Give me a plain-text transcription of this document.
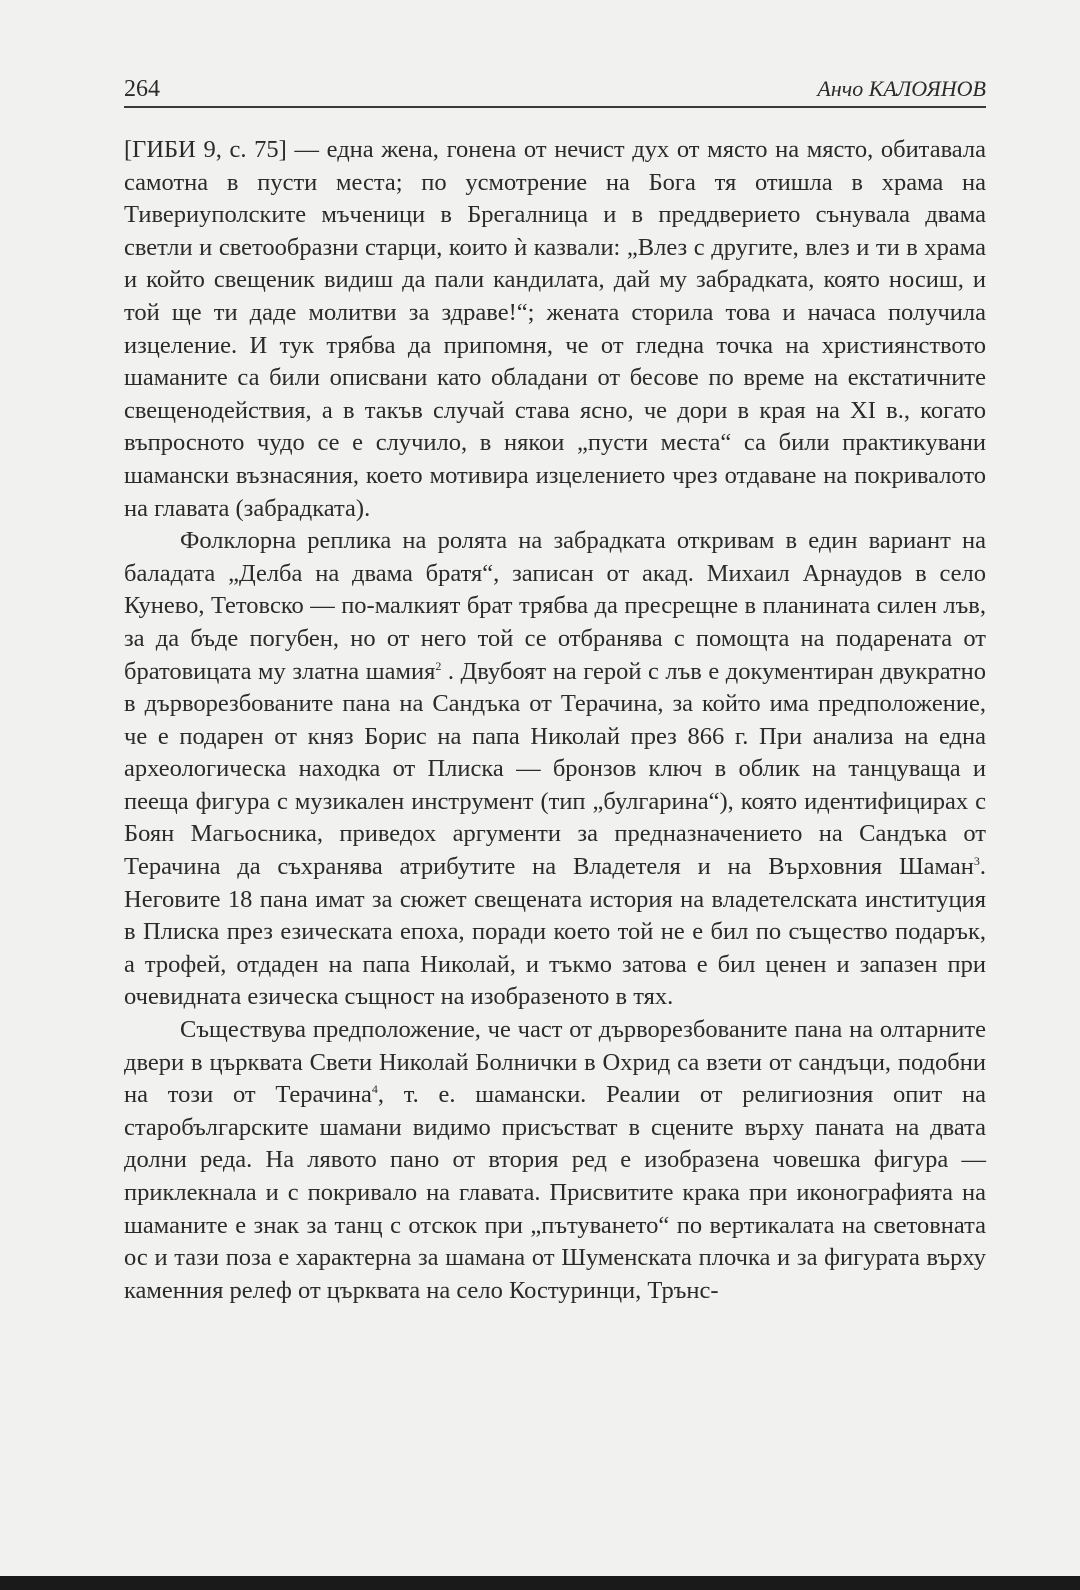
264	Анчо КАЛОЯНОВ

[ГИБИ 9, с. 75] — една жена, гонена от нечист дух от място на място, обитавала самотна в пусти места; по усмотрение на Бога тя отишла в храма на Тивериуполските мъченици в Брегалница и в преддверието сънувала двама светли и светообразни старци, които ѝ казвали: „Влез с другите, влез и ти в храма и който свещеник видиш да пали кандилата, дай му забрадката, която носиш, и той ще ти даде молитви за здраве!“; жената сторила това и начаса получила изцеление. И тук трябва да припомня, че от гледна точка на християнството шаманите са били описвани като обладани от бесове по време на екстатичните свещенодействия, а в такъв случай става ясно, че дори в края на XI в., когато въпросното чудо се е случило, в някои „пусти места“ са били практикувани шамански възнасяния, което мотивира изцелението чрез отдаване на покривалото на главата (забрадката).

Фолклорна реплика на ролята на забрадката откривам в един вариант на баладата „Делба на двама братя“, записан от акад. Михаил Арнаудов в село Кунево, Тетовско — по-малкият брат трябва да пресрещне в планината силен лъв, за да бъде погубен, но от него той се отбранява с помощта на подарената от братовицата му златна шамия$^2$ . Двубоят на герой с лъв е документиран двукратно в дърворезбованите пана на Сандъка от Терачина, за който има предположение, че е подарен от княз Борис на папа Николай през 866 г. При анализа на една археологическа находка от Плиска — бронзов ключ в облик на танцуваща и пееща фигура с музикален инструмент (тип „булгарина“), която идентифицирах с Боян Магьосника, приведох аргументи за предназначението на Сандъка от Терачина да съхранява атрибутите на Владетеля и на Върховния Шаман$^3$. Неговите 18 пана имат за сюжет свещената история на владетелската институция в Плиска през езическата епоха, поради което той не е бил по същество подарък, а трофей, отдаден на папа Николай, и тъкмо затова е бил ценен и запазен при очевидната езическа същност на изобразеното в тях.

Съществува предположение, че част от дърворезбованите пана на олтарните двери в църквата Свети Николай Болнички в Охрид са взети от сандъци, подобни на този от Терачина$^4$, т. е. шамански. Реалии от религиозния опит на старобългарските шамани видимо присъстват в сцените върху паната на двата долни реда. На лявото пано от втория ред е изобразена човешка фигура — приклекнала и с покривало на главата. Присвитите крака при иконографията на шаманите е знак за танц с отскок при „пътуването“ по вертикалата на световната ос и тази поза е характерна за шамана от Шуменската плочка и за фигурата върху каменния релеф от църквата на село Костуринци, Трънс-
